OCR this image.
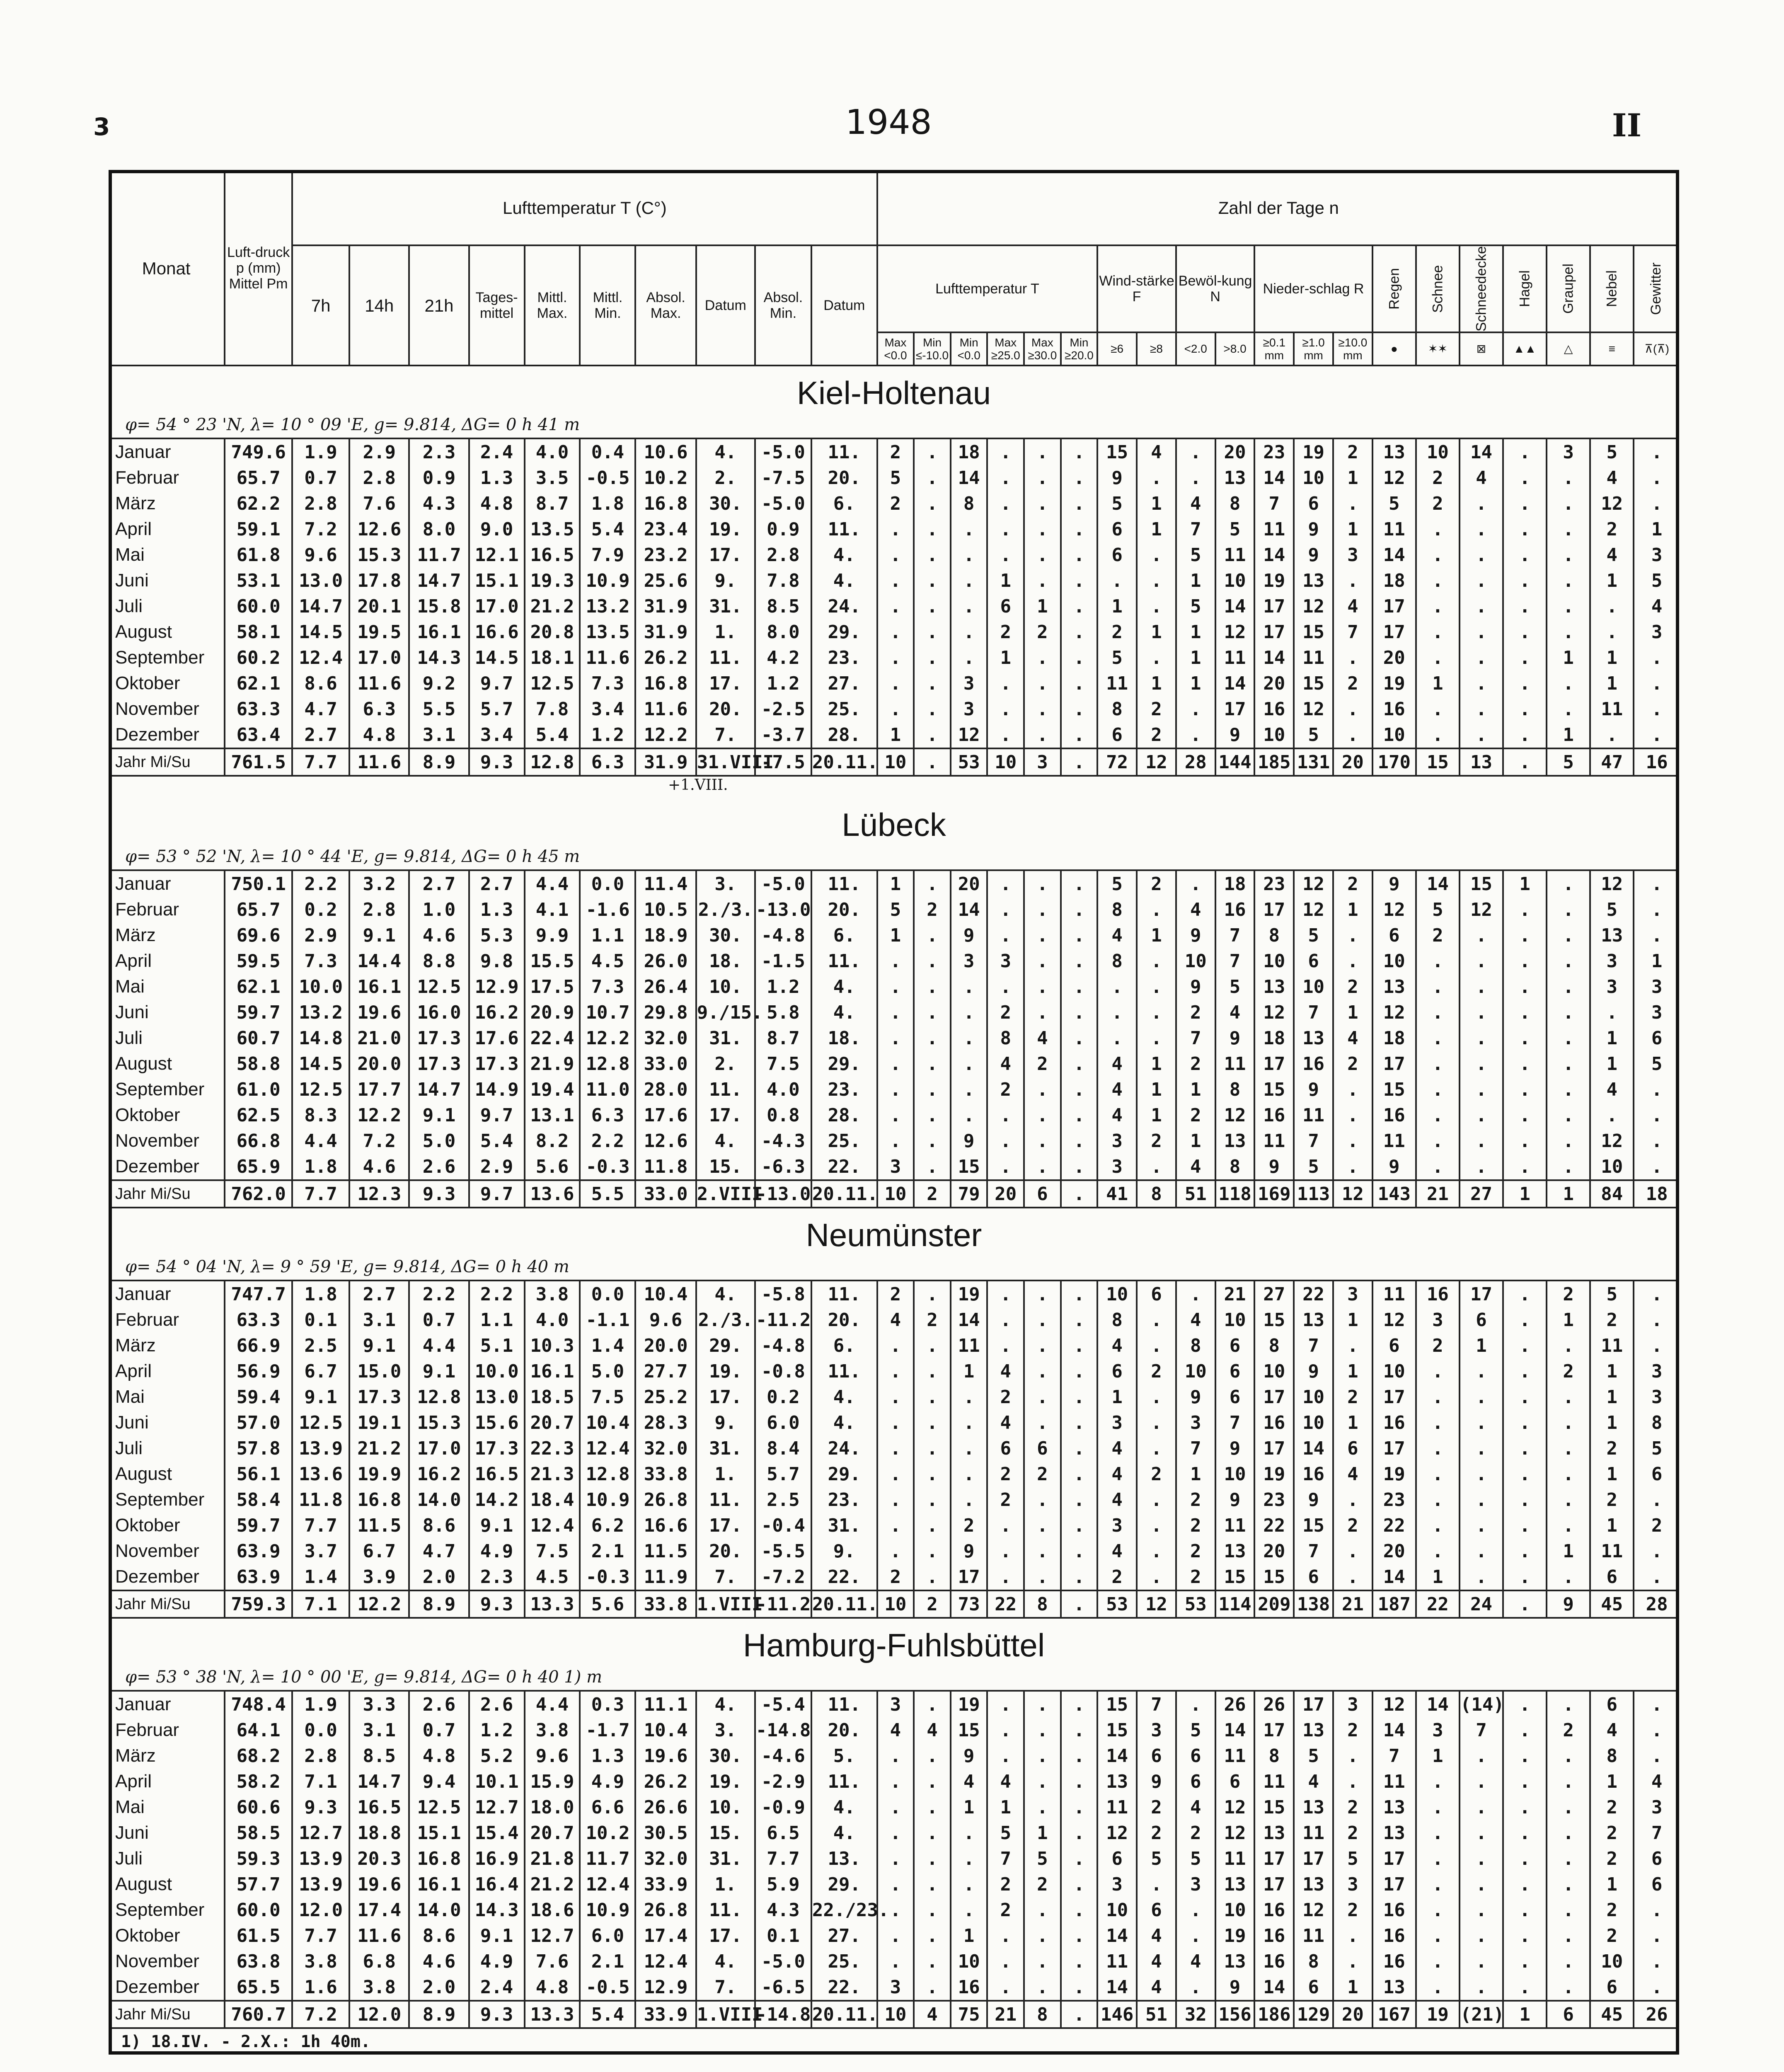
3	1948	II
Monat	Luft-druck p (mm) Mittel Pm	Lufttemperatur T (C°)										Zahl der Tage n																			
		7h	14h	21h	Tages-mittel	Mittl. Max.	Mittl. Min.	Absol. Max.	Datum	Absol. Min.	Datum	Lufttemperatur T						Wind-stärke F		Bewöl-kung N		Nieder-schlag R			Regen	Schnee	Schneedecke	Hagel	Graupel	Nebel	Gewitter
												Max <0.0	Min ≤-10.0	Min <0.0	Max ≥25.0	Max ≥30.0	Min ≥20.0	≥6	≥8	<2.0	>8.0	≥0.1 mm	≥1.0 mm	≥10.0 mm	●	✶✶	⊠	▲▲	△	≡	⊼(⊼)
Kiel-Holtenau																															
φ= 54 ° 23 'N, λ= 10 ° 09 'E, g= 9.814, ΔG= 0 h 41 m																															
Januar	749.6	1.9	2.9	2.3	2.4	4.0	0.4	10.6	4.	-5.0	11.	2	.	18	.	.	.	15	4	.	20	23	19	2	13	10	14	.	3	5	.
Februar	65.7	0.7	2.8	0.9	1.3	3.5	-0.5	10.2	2.	-7.5	20.	5	.	14	.	.	.	9	.	.	13	14	10	1	12	2	4	.	.	4	.
März	62.2	2.8	7.6	4.3	4.8	8.7	1.8	16.8	30.	-5.0	6.	2	.	8	.	.	.	5	1	4	8	7	6	.	5	2	.	.	.	12	.
April	59.1	7.2	12.6	8.0	9.0	13.5	5.4	23.4	19.	0.9	11.	.	.	.	.	.	.	6	1	7	5	11	9	1	11	.	.	.	.	2	1
Mai	61.8	9.6	15.3	11.7	12.1	16.5	7.9	23.2	17.	2.8	4.	.	.	.	.	.	.	6	.	5	11	14	9	3	14	.	.	.	.	4	3
Juni	53.1	13.0	17.8	14.7	15.1	19.3	10.9	25.6	9.	7.8	4.	.	.	.	1	.	.	.	.	1	10	19	13	.	18	.	.	.	.	1	5
Juli	60.0	14.7	20.1	15.8	17.0	21.2	13.2	31.9	31.	8.5	24.	.	.	.	6	1	.	1	.	5	14	17	12	4	17	.	.	.	.	.	4
August	58.1	14.5	19.5	16.1	16.6	20.8	13.5	31.9	1.	8.0	29.	.	.	.	2	2	.	2	1	1	12	17	15	7	17	.	.	.	.	.	3
September	60.2	12.4	17.0	14.3	14.5	18.1	11.6	26.2	11.	4.2	23.	.	.	.	1	.	.	5	.	1	11	14	11	.	20	.	.	.	1	1	.
Oktober	62.1	8.6	11.6	9.2	9.7	12.5	7.3	16.8	17.	1.2	27.	.	.	3	.	.	.	11	1	1	14	20	15	2	19	1	.	.	.	1	.
November	63.3	4.7	6.3	5.5	5.7	7.8	3.4	11.6	20.	-2.5	25.	.	.	3	.	.	.	8	2	.	17	16	12	.	16	.	.	.	.	11	.
Dezember	63.4	2.7	4.8	3.1	3.4	5.4	1.2	12.2	7.	-3.7	28.	1	.	12	.	.	.	6	2	.	9	10	5	.	10	.	.	.	1	.	.
Jahr Mi/Su	761.5	7.7	11.6	8.9	9.3	12.8	6.3	31.9	31.VIII	-7.5	20.11.	10	.	53	10	3	.	72	12	28	144	185	131	20	170	15	13	.	5	47	16
+1.VIII.																															
Lübeck																															
φ= 53 ° 52 'N, λ= 10 ° 44 'E, g= 9.814, ΔG= 0 h 45 m																															
Januar	750.1	2.2	3.2	2.7	2.7	4.4	0.0	11.4	3.	-5.0	11.	1	.	20	.	.	.	5	2	.	18	23	12	2	9	14	15	1	.	12	.
Februar	65.7	0.2	2.8	1.0	1.3	4.1	-1.6	10.5	2./3.	-13.0	20.	5	2	14	.	.	.	8	.	4	16	17	12	1	12	5	12	.	.	5	.
März	69.6	2.9	9.1	4.6	5.3	9.9	1.1	18.9	30.	-4.8	6.	1	.	9	.	.	.	4	1	9	7	8	5	.	6	2	.	.	.	13	.
April	59.5	7.3	14.4	8.8	9.8	15.5	4.5	26.0	18.	-1.5	11.	.	.	3	3	.	.	8	.	10	7	10	6	.	10	.	.	.	.	3	1
Mai	62.1	10.0	16.1	12.5	12.9	17.5	7.3	26.4	10.	1.2	4.	.	.	.	.	.	.	.	.	9	5	13	10	2	13	.	.	.	.	3	3
Juni	59.7	13.2	19.6	16.0	16.2	20.9	10.7	29.8	9./15.	5.8	4.	.	.	.	2	.	.	.	.	2	4	12	7	1	12	.	.	.	.	.	3
Juli	60.7	14.8	21.0	17.3	17.6	22.4	12.2	32.0	31.	8.7	18.	.	.	.	8	4	.	.	.	7	9	18	13	4	18	.	.	.	.	1	6
August	58.8	14.5	20.0	17.3	17.3	21.9	12.8	33.0	2.	7.5	29.	.	.	.	4	2	.	4	1	2	11	17	16	2	17	.	.	.	.	1	5
September	61.0	12.5	17.7	14.7	14.9	19.4	11.0	28.0	11.	4.0	23.	.	.	.	2	.	.	4	1	1	8	15	9	.	15	.	.	.	.	4	.
Oktober	62.5	8.3	12.2	9.1	9.7	13.1	6.3	17.6	17.	0.8	28.	.	.	.	.	.	.	4	1	2	12	16	11	.	16	.	.	.	.	.	.
November	66.8	4.4	7.2	5.0	5.4	8.2	2.2	12.6	4.	-4.3	25.	.	.	9	.	.	.	3	2	1	13	11	7	.	11	.	.	.	.	12	.
Dezember	65.9	1.8	4.6	2.6	2.9	5.6	-0.3	11.8	15.	-6.3	22.	3	.	15	.	.	.	3	.	4	8	9	5	.	9	.	.	.	.	10	.
Jahr Mi/Su	762.0	7.7	12.3	9.3	9.7	13.6	5.5	33.0	2.VIII	-13.0	20.11.	10	2	79	20	6	.	41	8	51	118	169	113	12	143	21	27	1	1	84	18
Neumünster																															
φ= 54 ° 04 'N, λ= 9 ° 59 'E, g= 9.814, ΔG= 0 h 40 m																															
Januar	747.7	1.8	2.7	2.2	2.2	3.8	0.0	10.4	4.	-5.8	11.	2	.	19	.	.	.	10	6	.	21	27	22	3	11	16	17	.	2	5	.
Februar	63.3	0.1	3.1	0.7	1.1	4.0	-1.1	9.6	2./3.	-11.2	20.	4	2	14	.	.	.	8	.	4	10	15	13	1	12	3	6	.	1	2	.
März	66.9	2.5	9.1	4.4	5.1	10.3	1.4	20.0	29.	-4.8	6.	.	.	11	.	.	.	4	.	8	6	8	7	.	6	2	1	.	.	11	.
April	56.9	6.7	15.0	9.1	10.0	16.1	5.0	27.7	19.	-0.8	11.	.	.	1	4	.	.	6	2	10	6	10	9	1	10	.	.	.	2	1	3
Mai	59.4	9.1	17.3	12.8	13.0	18.5	7.5	25.2	17.	0.2	4.	.	.	.	2	.	.	1	.	9	6	17	10	2	17	.	.	.	.	1	3
Juni	57.0	12.5	19.1	15.3	15.6	20.7	10.4	28.3	9.	6.0	4.	.	.	.	4	.	.	3	.	3	7	16	10	1	16	.	.	.	.	1	8
Juli	57.8	13.9	21.2	17.0	17.3	22.3	12.4	32.0	31.	8.4	24.	.	.	.	6	6	.	4	.	7	9	17	14	6	17	.	.	.	.	2	5
August	56.1	13.6	19.9	16.2	16.5	21.3	12.8	33.8	1.	5.7	29.	.	.	.	2	2	.	4	2	1	10	19	16	4	19	.	.	.	.	1	6
September	58.4	11.8	16.8	14.0	14.2	18.4	10.9	26.8	11.	2.5	23.	.	.	.	2	.	.	4	.	2	9	23	9	.	23	.	.	.	.	2	.
Oktober	59.7	7.7	11.5	8.6	9.1	12.4	6.2	16.6	17.	-0.4	31.	.	.	2	.	.	.	3	.	2	11	22	15	2	22	.	.	.	.	1	2
November	63.9	3.7	6.7	4.7	4.9	7.5	2.1	11.5	20.	-5.5	9.	.	.	9	.	.	.	4	.	2	13	20	7	.	20	.	.	.	1	11	.
Dezember	63.9	1.4	3.9	2.0	2.3	4.5	-0.3	11.9	7.	-7.2	22.	2	.	17	.	.	.	2	.	2	15	15	6	.	14	1	.	.	.	6	.
Jahr Mi/Su	759.3	7.1	12.2	8.9	9.3	13.3	5.6	33.8	1.VIII	-11.2	20.11.	10	2	73	22	8	.	53	12	53	114	209	138	21	187	22	24	.	9	45	28
Hamburg-Fuhlsbüttel																															
φ= 53 ° 38 'N, λ= 10 ° 00 'E, g= 9.814, ΔG= 0 h 40 1) m																															
Januar	748.4	1.9	3.3	2.6	2.6	4.4	0.3	11.1	4.	-5.4	11.	3	.	19	.	.	.	15	7	.	26	26	17	3	12	14	(14)	.	.	6	.
Februar	64.1	0.0	3.1	0.7	1.2	3.8	-1.7	10.4	3.	-14.8	20.	4	4	15	.	.	.	15	3	5	14	17	13	2	14	3	7	.	2	4	.
März	68.2	2.8	8.5	4.8	5.2	9.6	1.3	19.6	30.	-4.6	5.	.	.	9	.	.	.	14	6	6	11	8	5	.	7	1	.	.	.	8	.
April	58.2	7.1	14.7	9.4	10.1	15.9	4.9	26.2	19.	-2.9	11.	.	.	4	4	.	.	13	9	6	6	11	4	.	11	.	.	.	.	1	4
Mai	60.6	9.3	16.5	12.5	12.7	18.0	6.6	26.6	10.	-0.9	4.	.	.	1	1	.	.	11	2	4	12	15	13	2	13	.	.	.	.	2	3
Juni	58.5	12.7	18.8	15.1	15.4	20.7	10.2	30.5	15.	6.5	4.	.	.	.	5	1	.	12	2	2	12	13	11	2	13	.	.	.	.	2	7
Juli	59.3	13.9	20.3	16.8	16.9	21.8	11.7	32.0	31.	7.7	13.	.	.	.	7	5	.	6	5	5	11	17	17	5	17	.	.	.	.	2	6
August	57.7	13.9	19.6	16.1	16.4	21.2	12.4	33.9	1.	5.9	29.	.	.	.	2	2	.	3	.	3	13	17	13	3	17	.	.	.	.	1	6
September	60.0	12.0	17.4	14.0	14.3	18.6	10.9	26.8	11.	4.3	22./23.	.	.	.	2	.	.	10	6	.	10	16	12	2	16	.	.	.	.	2	.
Oktober	61.5	7.7	11.6	8.6	9.1	12.7	6.0	17.4	17.	0.1	27.	.	.	1	.	.	.	14	4	.	19	16	11	.	16	.	.	.	.	2	.
November	63.8	3.8	6.8	4.6	4.9	7.6	2.1	12.4	4.	-5.0	25.	.	.	10	.	.	.	11	4	4	13	16	8	.	16	.	.	.	.	10	.
Dezember	65.5	1.6	3.8	2.0	2.4	4.8	-0.5	12.9	7.	-6.5	22.	3	.	16	.	.	.	14	4	.	9	14	6	1	13	.	.	.	.	6	.
Jahr Mi/Su	760.7	7.2	12.0	8.9	9.3	13.3	5.4	33.9	1.VIII	-14.8	20.11.	10	4	75	21	8	.	146	51	32	156	186	129	20	167	19	(21)	1	6	45	26
1) 18.IV. - 2.X.: 1h 40m.																															
